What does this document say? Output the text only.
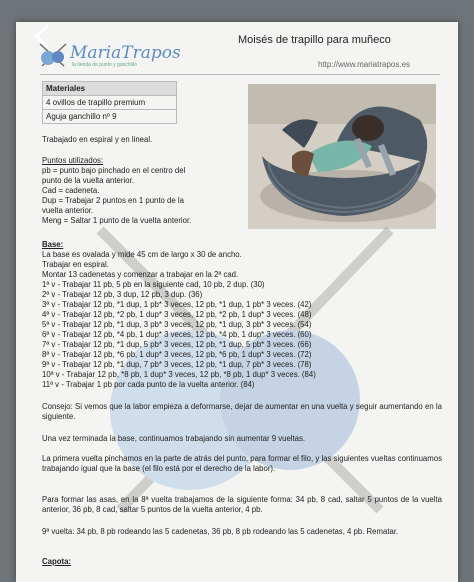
MariaTrapos
la tienda de punto y ganchillo
Moisés de trapillo para muñeco
http://www.mariatrapos.es
Materiales
4 ovillos de trapillo premium
Aguja ganchillo nº 9
Trabajado en espiral y en lineal.
Puntos utilizados:
pb = punto bajo pinchado en el centro del
punto de la vuelta anterior.
Cad = cadeneta.
Dup = Trabajar 2 puntos en 1 punto de la
vuelta anterior.
Meng = Saltar 1 punto de la vuelta anterior.
Base:
La base es ovalada y mide 45 cm de largo x 30 de ancho.
Trabajar en espiral.
Montar 13 cadenetas y comenzar a trabajar en la 2ª cad.
1ª v - Trabajar 11 pb, 5 pb en la siguiente cad, 10 pb, 2 dup. (30)
2ª v - Trabajar 12 pb, 3 dup, 12 pb, 3 dup. (36)
3ª v - Trabajar 12 pb, *1 dup, 1 pb* 3 veces, 12 pb, *1 dup, 1 pb* 3 veces. (42)
4ª v - Trabajar 12 pb, *2 pb, 1 dup* 3 veces, 12 pb, *2 pb, 1 dup* 3 veces. (48)
5ª v - Trabajar 12 pb, *1 dup, 3 pb* 3 veces, 12 pb, *1 dup, 3 pb* 3 veces. (54)
6ª v - Trabajar 12 pb, *4 pb, 1 dup* 3 veces, 12 pb, *4 pb, 1 dup* 3 veces. (60)
7ª v - Trabajar 12 pb, *1 dup, 5 pb* 3 veces, 12 pb, *1 dup, 5 pb* 3 veces. (66)
8ª v - Trabajar 12 pb, *6 pb, 1 dup* 3 veces, 12 pb, *6 pb, 1 dup* 3 veces. (72)
9ª v - Trabajar 12 pb, *1 dup, 7 pb* 3 veces, 12 pb, *1 dup, 7 pb* 3 veces. (78)
10ª v - Trabajar 12 pb, *8 pb, 1 dup* 3 veces, 12 pb, *8 pb, 1 dup* 3 veces. (84)
11ª v - Trabajar 1 pb por cada punto de la vuelta anterior. (84)
Consejo: Si vemos que la labor empieza a deformarse, dejar de aumentar en una vuelta y seguir aumentando en la siguiente.
Una vez terminada la base, continuamos trabajando sin aumentar 9 vueltas.
La primera vuelta pinchamos en la parte de atrás del punto, para formar el filo, y las siguientes vueltas continuamos trabajando igual que la base (el filo está por el derecho de la labor).
Para formar las asas, en la 8ª vuelta trabajamos de la siguiente forma: 34 pb, 8 cad, saltar 5 puntos de la vuelta anterior, 36 pb, 8 cad, saltar 5 puntos de la vuelta anterior, 4 pb.
9ª vuelta: 34 pb, 8 pb rodeando las 5 cadenetas, 36 pb, 8 pb rodeando las 5 cadenetas, 4 pb. Rematar.
Capota:
